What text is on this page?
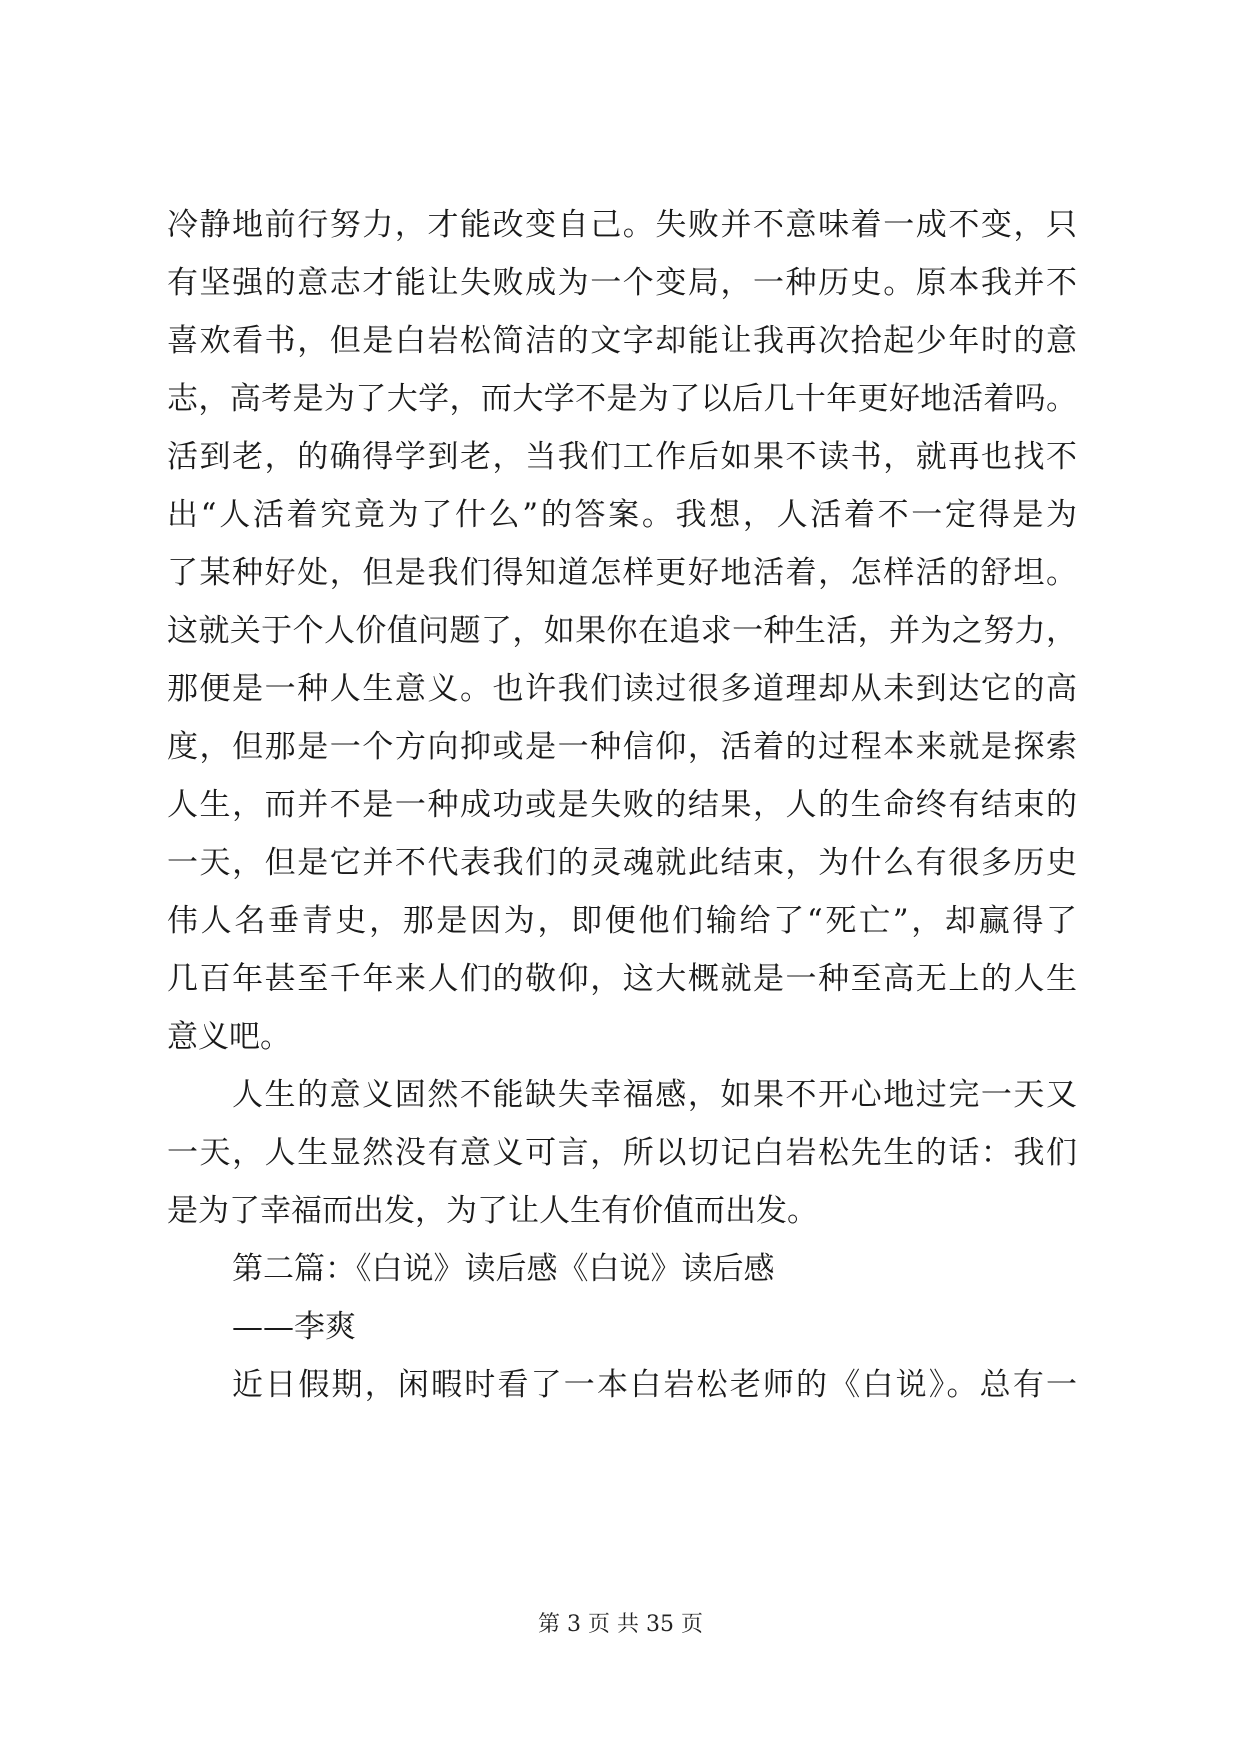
冷静地前行努力，才能改变自己。失败并不意味着一成不变，只
有坚强的意志才能让失败成为一个变局，一种历史。原本我并不
喜欢看书，但是白岩松简洁的文字却能让我再次拾起少年时的意
志，高考是为了大学，而大学不是为了以后几十年更好地活着吗。
活到老，的确得学到老，当我们工作后如果不读书，就再也找不
出“人活着究竟为了什么”的答案。我想，人活着不一定得是为
了某种好处，但是我们得知道怎样更好地活着，怎样活的舒坦。
这就关于个人价值问题了，如果你在追求一种生活，并为之努力，
那便是一种人生意义。也许我们读过很多道理却从未到达它的高
度，但那是一个方向抑或是一种信仰，活着的过程本来就是探索
人生，而并不是一种成功或是失败的结果，人的生命终有结束的
一天，但是它并不代表我们的灵魂就此结束，为什么有很多历史
伟人名垂青史，那是因为，即便他们输给了“死亡”，却赢得了
几百年甚至千年来人们的敬仰，这大概就是一种至高无上的人生
意义吧。
人生的意义固然不能缺失幸福感，如果不开心地过完一天又
一天，人生显然没有意义可言，所以切记白岩松先生的话：我们
是为了幸福而出发，为了让人生有价值而出发。
第二篇：《白说》读后感《白说》读后感
——李爽
近日假期，闲暇时看了一本白岩松老师的《白说》。总有一
第 3 页 共 35 页
